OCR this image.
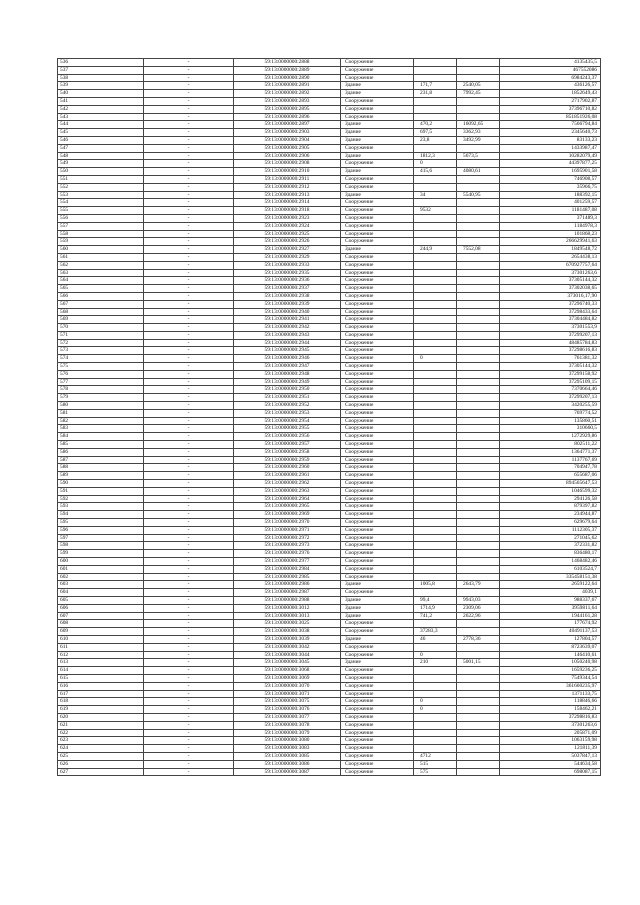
536	-	59:13:0000000:2888	Сооружение			4135435,5
537	-	59:13:0000000:2889	Сооружение			467552086
538	-	59:13:0000000:2890	Сооружение			6984243,37
539	-	59:13:0000000:2891	Здание	171,7	2540,05	436126,57
540	-	59:13:0000000:2892	Здание	231,8	7992,45	1852649,43
541	-	59:13:0000000:2893	Сооружение			2717902,87
542	-	59:13:0000000:2895	Сооружение			37396710,82
543	-	59:13:0000000:2896	Сооружение			851851926,08
544	-	59:13:0000000:2897	Здание	470,2	16092,65	7566794,84
545	-	59:13:0000000:2903	Здание	697,5	3362,93	2345640,73
546	-	59:13:0000000:2904	Здание	23,8	3492,99	83133,23
547	-	59:13:0000000:2905	Сооружение			1433987,47
548	-	59:13:0000000:2906	Здание	1812,3	5673,5	10282079,49
549	-	59:13:0000000:2908	Сооружение	0		44397877,25
550	-	59:13:0000000:2910	Здание	415,6	4080,61	1695901,58
551	-	59:13:0000000:2911	Сооружение			746908,57
552	-	59:13:0000000:2912	Сооружение			35966,75
553	-	59:13:0000000:2913	Здание	34	5540,95	188392,15
554	-	59:13:0000000:2914	Сооружение			401259,57
555	-	59:13:0000000:2918	Сооружение	9532		1181487,08
556	-	59:13:0000000:2923	Сооружение			371489,3
557	-	59:13:0000000:2924	Сооружение			1184978,3
558	-	59:13:0000000:2925	Сооружение			101868,23
559	-	59:13:0000000:2926	Сооружение			266629941,63
560	-	59:13:0000000:2927	Здание	244,9	7552,08	1849548,72
561	-	59:13:0000000:2929	Сооружение			2654438,13
562	-	59:13:0000000:2933	Сооружение			670927757,64
563	-	59:13:0000000:2935	Сооружение			37301263,6
564	-	59:13:0000000:2936	Сооружение			37305144,32
565	-	59:13:0000000:2937	Сооружение			37302038,65
566	-	59:13:0000000:2938	Сооружение			373016,17,90
567	-	59:13:0000000:2939	Сооружение			37296740,33
568	-	59:13:0000000:2940	Сооружение			37298433,64
569	-	59:13:0000000:2941	Сооружение			37304484,82
570	-	59:13:0000000:2942	Сооружение			37301553,9
571	-	59:13:0000000:2943	Сооружение			37299207,13
572	-	59:13:0000000:2944	Сооружение			48485784,83
573	-	59:13:0000000:2945	Сооружение			37298616,83
574	-	59:13:0000000:2946	Сооружение	0		761381,32
575	-	59:13:0000000:2947	Сооружение			37305144,32
576	-	59:13:0000000:2948	Сооружение			37299158,92
577	-	59:13:0000000:2949	Сооружение			37295109,15
578	-	59:13:0000000:2950	Сооружение			7370664,46
579	-	59:13:0000000:2951	Сооружение			37299207,13
580	-	59:13:0000000:2952	Сооружение			3420255,59
581	-	59:13:0000000:2953	Сооружение			769774,52
582	-	59:13:0000000:2954	Сооружение			135860,51
583	-	59:13:0000000:2955	Сооружение			310660,5
584	-	59:13:0000000:2956	Сооружение			1272929,86
585	-	59:13:0000000:2957	Сооружение			802511,22
586	-	59:13:0000000:2958	Сооружение			1364771,37
587	-	59:13:0000000:2959	Сооружение			1137767,69
588	-	59:13:0000000:2960	Сооружение			704947,78
589	-	59:13:0000000:2961	Сооружение			655687,06
590	-	59:13:0000000:2962	Сооружение			894565647,53
591	-	59:13:0000000:2963	Сооружение			1046599,32
592	-	59:13:0000000:2964	Сооружение			294126,58
593	-	59:13:0000000:2965	Сооружение			879397,82
594	-	59:13:0000000:2969	Сооружение			234944,87
595	-	59:13:0000000:2970	Сооружение			629679,64
596	-	59:13:0000000:2971	Сооружение			1112305,37
597	-	59:13:0000000:2972	Сооружение			271045,62
598	-	59:13:0000000:2973	Сооружение			372331,82
599	-	59:13:0000000:2976	Сооружение			836480,17
600	-	59:13:0000000:2977	Сооружение			1468482,46
601	-	59:13:0000000:2984	Сооружение			6103524,7
602	-	59:13:0000000:2985	Сооружение			335458151,38
603	-	59:13:0000000:2986	Здание	1005,8	2643,79	2659122,64
604	-	59:13:0000000:2987	Сооружение			4039,1
605	-	59:13:0000000:2988	Здание	99,4	9943,03	988337,67
606	-	59:13:0000000:3012	Здание	1714,9	2309,06	3959811,64
607	-	59:13:0000000:3013	Здание	741,2	2622,96	1944161,28
608	-	59:13:0000000:3025	Сооружение			177674,92
609	-	59:13:0000000:3038	Сооружение	37283,3		40491137,53
610	-	59:13:0000000:3039	Здание	46	2778,36	127804,57
611	-	59:13:0000000:3042	Сооружение			8723639,07
612	-	59:13:0000000:3044	Сооружение	0		146410,61
613	-	59:13:0000000:3045	Здание	210	5001,15	1050240,98
614	-	59:13:0000000:3068	Сооружение			1659236,25
615	-	59:13:0000000:3069	Сооружение			7549344,54
616	-	59:13:0000000:3070	Сооружение			361660235,97
617	-	59:13:0000000:3071	Сооружение			1371133,75
618	-	59:13:0000000:3075	Сооружение	0		118846,66
619	-	59:13:0000000:3076	Сооружение	0		158462,21
620	-	59:13:0000000:3077	Сооружение			37298816,83
621	-	59:13:0000000:3078	Сооружение			37301263,6
622	-	59:13:0000000:3079	Сооружение			205871,09
623	-	59:13:0000000:3080	Сооружение			1063159,98
624	-	59:13:0000000:3083	Сооружение			121811,39
625	-	59:13:0000000:3085	Сооружение	4712		5037847,13
626	-	59:13:0000000:3086	Сооружение	515		544634,58
627	-	59:13:0000000:3087	Сооружение	575		698087,15
